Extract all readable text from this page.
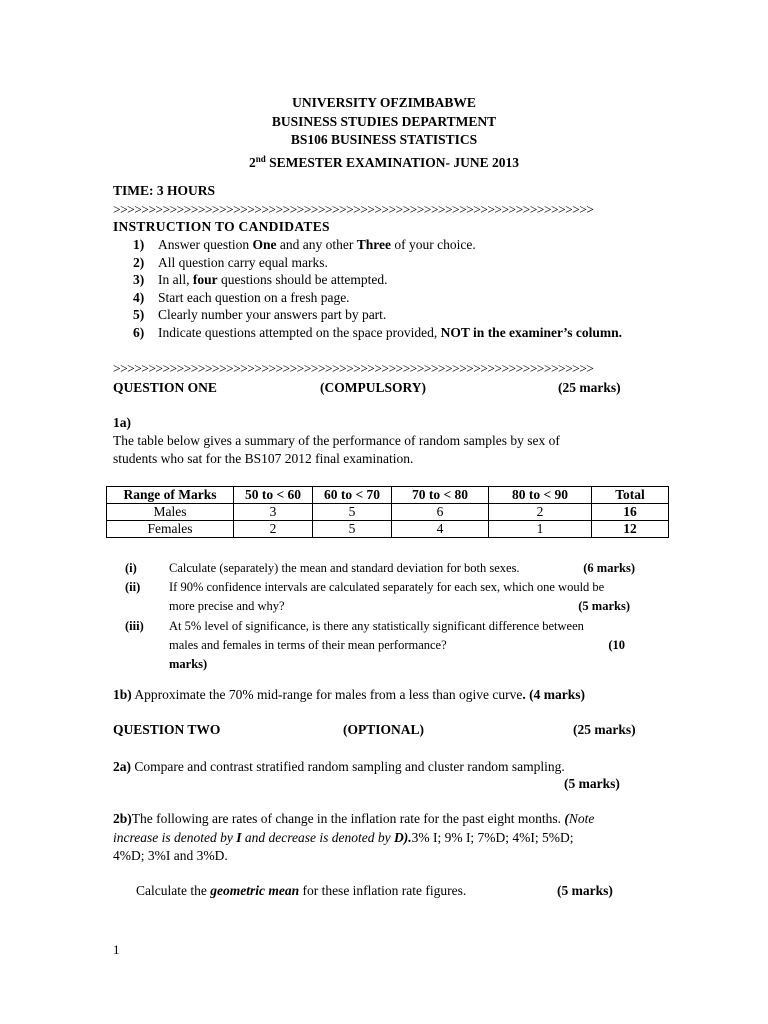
UNIVERSITY OFZIMBABWE
BUSINESS STUDIES DEPARTMENT
BS106 BUSINESS STATISTICS
2nd SEMESTER EXAMINATION- JUNE 2013
TIME: 3 HOURS
>>>>>>>>>>>>>>>>>>>>>>>>>>>>>>>>>>>>>>>>>>>>>>>>>>>>>>>>>>>>>>>>>>>>
INSTRUCTION TO CANDIDATES
1) Answer question One and any other Three of your choice.
2) All question carry equal marks.
3) In all, four questions should be attempted.
4) Start each question on a fresh page.
5) Clearly number your answers part by part.
6) Indicate questions attempted on the space provided, NOT in the examiner’s column.
>>>>>>>>>>>>>>>>>>>>>>>>>>>>>>>>>>>>>>>>>>>>>>>>>>>>>>>>>>>>>>>>>>>>
QUESTION ONE	(COMPULSORY)	(25 marks)
1a)
The table below gives a summary of the performance of random samples by sex of
students who sat for the BS107 2012 final examination.
Range of Marks	50 to < 60	60 to < 70	70 to < 80	80 to < 90	Total
Males	3	5	6	2	16
Females	2	5	4	1	12
(i)	Calculate (separately) the mean and standard deviation for both sexes.	(6 marks)
(ii) If 90% confidence intervals are calculated separately for each sex, which one would be
more precise and why?	(5 marks)
(iii) At 5% level of significance, is there any statistically significant difference between
males and females in terms of their mean performance?	(10
marks)
1b) Approximate the 70% mid-range for males from a less than ogive curve. (4 marks)
QUESTION TWO	(OPTIONAL)	(25 marks)
2a) Compare and contrast stratified random sampling and cluster random sampling.
(5 marks)
2b)The following are rates of change in the inflation rate for the past eight months. (Note
increase is denoted by I and decrease is denoted by D).3% I; 9% I; 7%D; 4%I; 5%D;
4%D; 3%I and 3%D.
Calculate the geometric mean for these inflation rate figures.	(5 marks)
1
